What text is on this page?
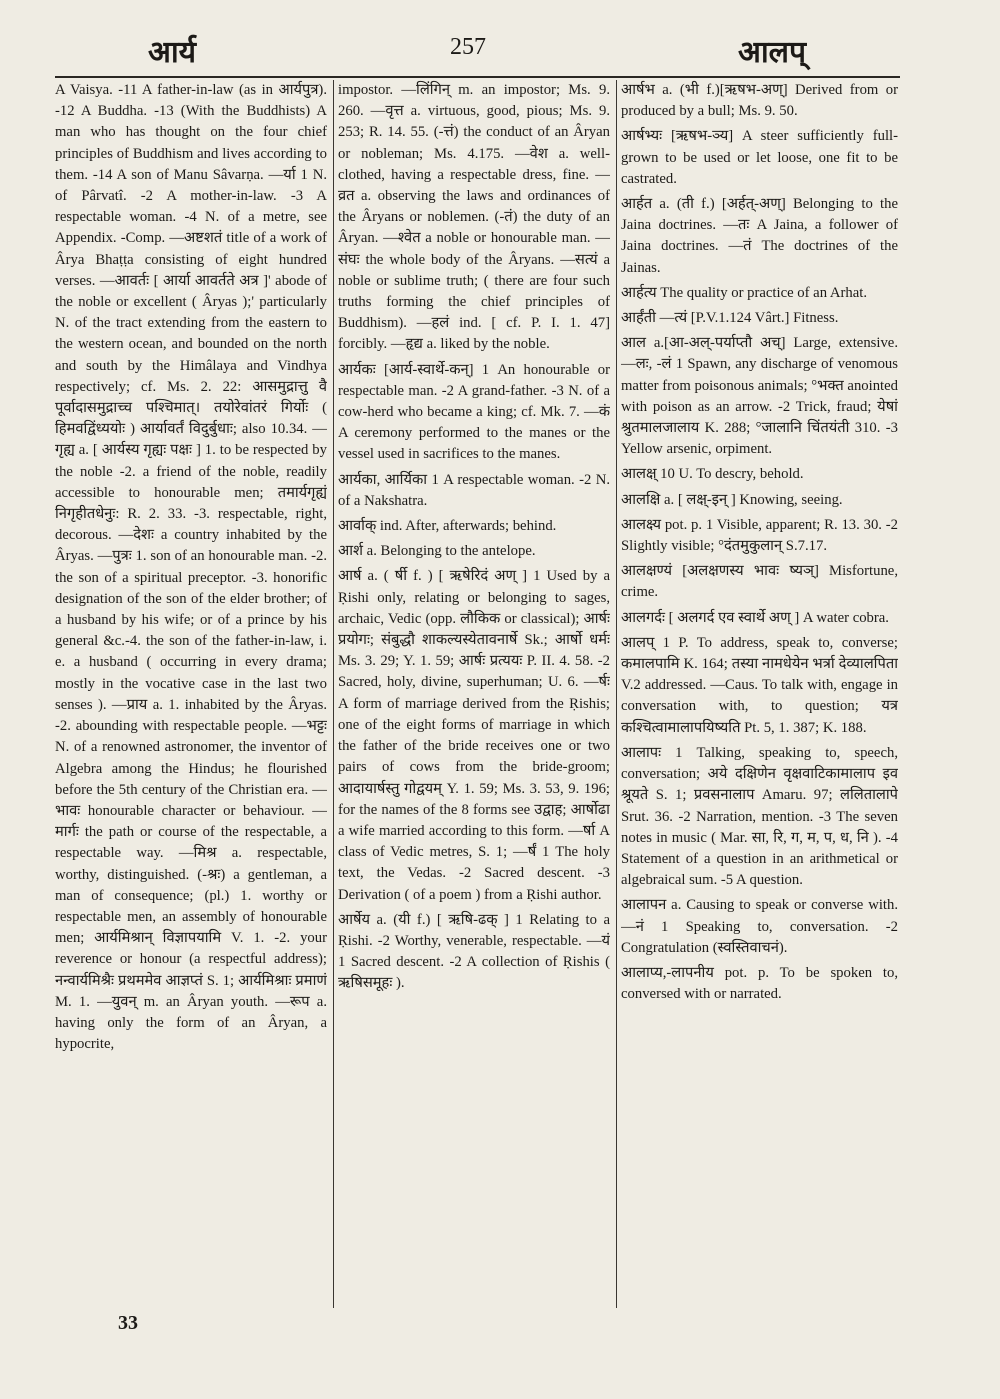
आर्य	257	आलप्

A Vaisya. -11 A father-in-law (as in आर्यपुत्र). -12 A Buddha. -13 (With the Buddhists) A man who has thought on the four chief principles of Buddhism and lives according to them. -14 A son of Manu Sâvarṇa. —र्या 1 N. of Pârvatî. -2 A mother-in-law. -3 A respectable woman. -4 N. of a metre, see Appendix. -Comp. —अष्टशतं title of a work of Ârya Bhaṭṭa consisting of eight hundred verses. —आवर्तः [ आर्या आवर्तते अत्र ]' abode of the noble or excellent ( Âryas );' particularly N. of the tract extending from the eastern to the western ocean, and bounded on the north and south by the Himâlaya and Vindhya respectively; cf. Ms. 2. 22: आसमुद्रात्तु वै पूर्वादासमुद्राच्च पश्चिमात्। तयोरेवांतरं गिर्योः ( हिमवद्विंध्ययोः ) आर्यावर्तं विदुर्बुधाः; also 10.34. —गृह्य a. [ आर्यस्य गृह्यः पक्षः ] 1. to be respected by the noble -2. a friend of the noble, readily accessible to honourable men; तमार्यगृह्यं निगृहीतधेनुः: R. 2. 33. -3. respectable, right, decorous. —देशः a country inhabited by the Âryas. —पुत्रः 1. son of an honourable man. -2. the son of a spiritual preceptor. -3. honorific designation of the son of the elder brother; of a husband by his wife; or of a prince by his general &c.-4. the son of the father-in-law, i. e. a husband ( occurring in every drama; mostly in the vocative case in the last two senses ). —प्राय a. 1. inhabited by the Âryas. -2. abounding with respectable people. —भट्टः N. of a renowned astronomer, the inventor of Algebra among the Hindus; he flourished before the 5th century of the Christian era. —भावः honourable character or behaviour. —मार्गः the path or course of the respectable, a respectable way. —मिश्र a. respectable, worthy, distinguished. (-श्रः) a gentleman, a man of consequence; (pl.) 1. worthy or respectable men, an assembly of honourable men; आर्यमिश्रान् विज्ञापयामि V. 1. -2. your reverence or honour (a respectful address); नन्वार्यमिश्रैः प्रथममेव आज्ञप्तं S. 1; आर्यमिश्राः प्रमाणं M. 1. —युवन् m. an Âryan youth. —रूप a. having only the form of an Âryan, a hypocrite,

impostor. —लिंगिन् m. an impostor; Ms. 9. 260. —वृत्त a. virtuous, good, pious; Ms. 9. 253; R. 14. 55. (-त्तं) the conduct of an Âryan or nobleman; Ms. 4.175. —वेश a. well-clothed, having a respectable dress, fine. —व्रत a. observing the laws and ordinances of the Âryans or noblemen. (-तं) the duty of an Âryan. —श्वेत a noble or honourable man. —संघः the whole body of the Âryans. —सत्यं a noble or sublime truth; ( there are four such truths forming the chief principles of Buddhism). —हलं ind. [ cf. P. I. 1. 47] forcibly. —हृद्य a. liked by the noble.

आर्यकः [आर्य-स्वार्थे-कन्] 1 An honourable or respectable man. -2 A grand-father. -3 N. of a cow-herd who became a king; cf. Mk. 7. —कं A ceremony performed to the manes or the vessel used in sacrifices to the manes.

आर्यका, आर्यिका 1 A respectable woman. -2 N. of a Nakshatra.

आर्वाक् ind. After, afterwards; behind.

आर्श a. Belonging to the antelope.

आर्ष a. ( र्षी f. ) [ ऋषेरिदं अण् ] 1 Used by a Ṛishi only, relating or belonging to sages, archaic, Vedic (opp. लौकिक or classical); आर्षः प्रयोगः; संबुद्धौ शाकल्यस्येतावनार्षे Sk.; आर्षो धर्मः Ms. 3. 29; Y. 1. 59; आर्षः प्रत्ययः P. II. 4. 58. -2 Sacred, holy, divine, superhuman; U. 6. —र्षः A form of marriage derived from the Ṛishis; one of the eight forms of marriage in which the father of the bride receives one or two pairs of cows from the bride-groom; आदायार्षस्तु गोद्वयम् Y. 1. 59; Ms. 3. 53, 9. 196; for the names of the 8 forms see उद्वाह; आर्षोढा a wife married according to this form. —र्षा A class of Vedic metres, S. 1; —र्षं 1 The holy text, the Vedas. -2 Sacred descent. -3 Derivation ( of a poem ) from a Ṛishi author.

आर्षेय a. (यी f.) [ ऋषि-ढक् ] 1 Relating to a Ṛishi. -2 Worthy, venerable, respectable. —यं 1 Sacred descent. -2 A collection of Ṛishis ( ऋषिसमूहः ).

आर्षभ a. (भी f.)[ऋषभ-अण्] Derived from or produced by a bull; Ms. 9. 50.

आर्षभ्यः [ऋषभ-ञ्य] A steer sufficiently full-grown to be used or let loose, one fit to be castrated.

आर्हत a. (ती f.) [अर्हत्-अण्] Belonging to the Jaina doctrines. —तः A Jaina, a follower of Jaina doctrines. —तं The doctrines of the Jainas.

आर्हत्य The quality or practice of an Arhat.

आर्हंती —त्यं [P.V.1.124 Vârt.] Fitness.

आल a.[आ-अल्-पर्याप्तौ अच्] Large, extensive. —लः, -लं 1 Spawn, any discharge of venomous matter from poisonous animals; °भक्त anointed with poison as an arrow. -2 Trick, fraud; येषां श्रुतमालजालाय K. 288; °जालानि चिंतयंती 310. -3 Yellow arsenic, orpiment.

आलक्ष् 10 U. To descry, behold.

आलक्षि a. [ लक्ष्-इन् ] Knowing, seeing.

आलक्ष्य pot. p. 1 Visible, apparent; R. 13. 30. -2 Slightly visible; °दंतमुकुलान् S.7.17.

आलक्षण्यं [अलक्षणस्य भावः ष्यञ्] Misfortune, crime.

आलगर्दः [ अलगर्द एव स्वार्थे अण् ] A water cobra.

आलप् 1 P. To address, speak to, converse; कमालपामि K. 164; तस्या नामधेयेन भर्त्रा देव्यालपिता V.2 addressed. —Caus. To talk with, engage in conversation with, to question; यत्र कश्चित्वामालापयिष्यति Pt. 5, 1. 387; K. 188.

आलापः 1 Talking, speaking to, speech, conversation; अये दक्षिणेन वृक्षवाटिकामालाप इव श्रूयते S. 1; प्रवसनालाप Amaru. 97; ललितालापे Srut. 36. -2 Narration, mention. -3 The seven notes in music ( Mar. सा, रि, ग, म, प, ध, नि ). -4 Statement of a question in an arithmetical or algebraical sum. -5 A question.

आलापन a. Causing to speak or converse with. —नं 1 Speaking to, conversation. -2 Congratulation (स्वस्तिवाचनं).

आलाप्य,-लापनीय pot. p. To be spoken to, conversed with or narrated.

33
